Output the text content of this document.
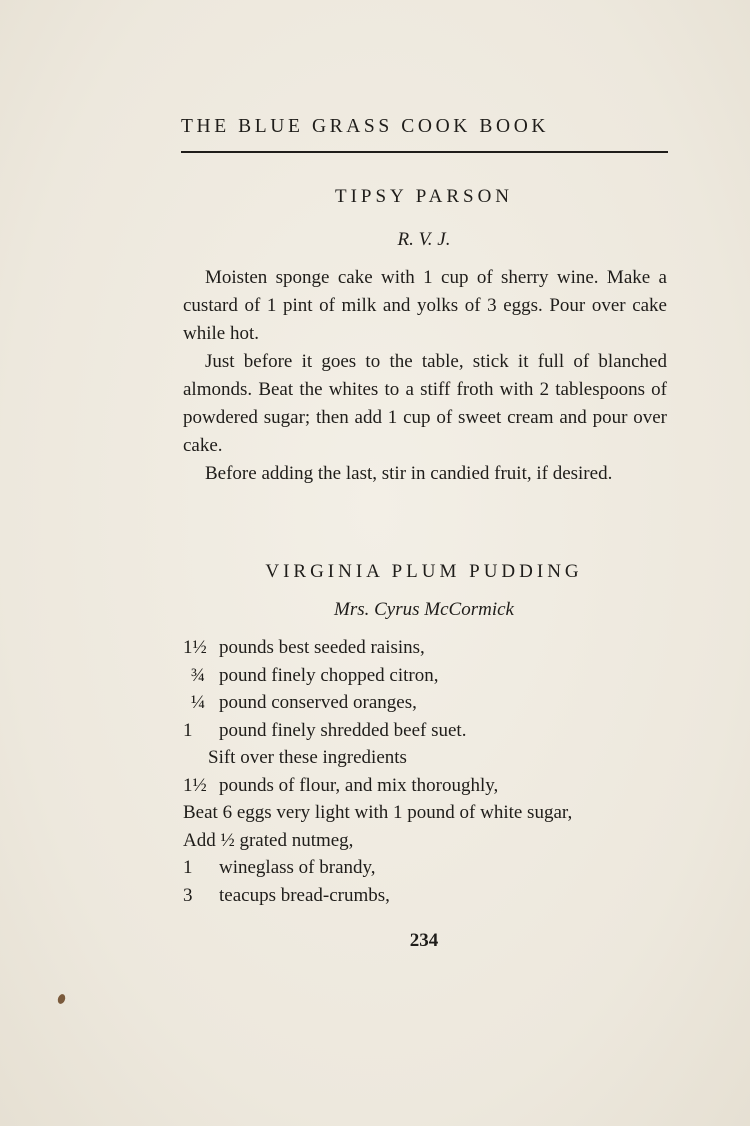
THE BLUE GRASS COOK BOOK
TIPSY PARSON
R. V. J.

Moisten sponge cake with 1 cup of sherry wine. Make a custard of 1 pint of milk and yolks of 3 eggs. Pour over cake while hot.

Just before it goes to the table, stick it full of blanched almonds. Beat the whites to a stiff froth with 2 tablespoons of powdered sugar; then add 1 cup of sweet cream and pour over cake.

Before adding the last, stir in candied fruit, if desired.

VIRGINIA PLUM PUDDING
Mrs. Cyrus McCormick
1½ pounds best seeded raisins,
¾ pound finely chopped citron,
¼ pound conserved oranges,
1	pound finely shredded beef suet.
Sift over these ingredients
1½ pounds of flour, and mix thoroughly,
Beat 6 eggs very light with 1 pound of white sugar,
Add ½ grated nutmeg,
1	wineglass of brandy,
3	teacups bread-crumbs,
234
